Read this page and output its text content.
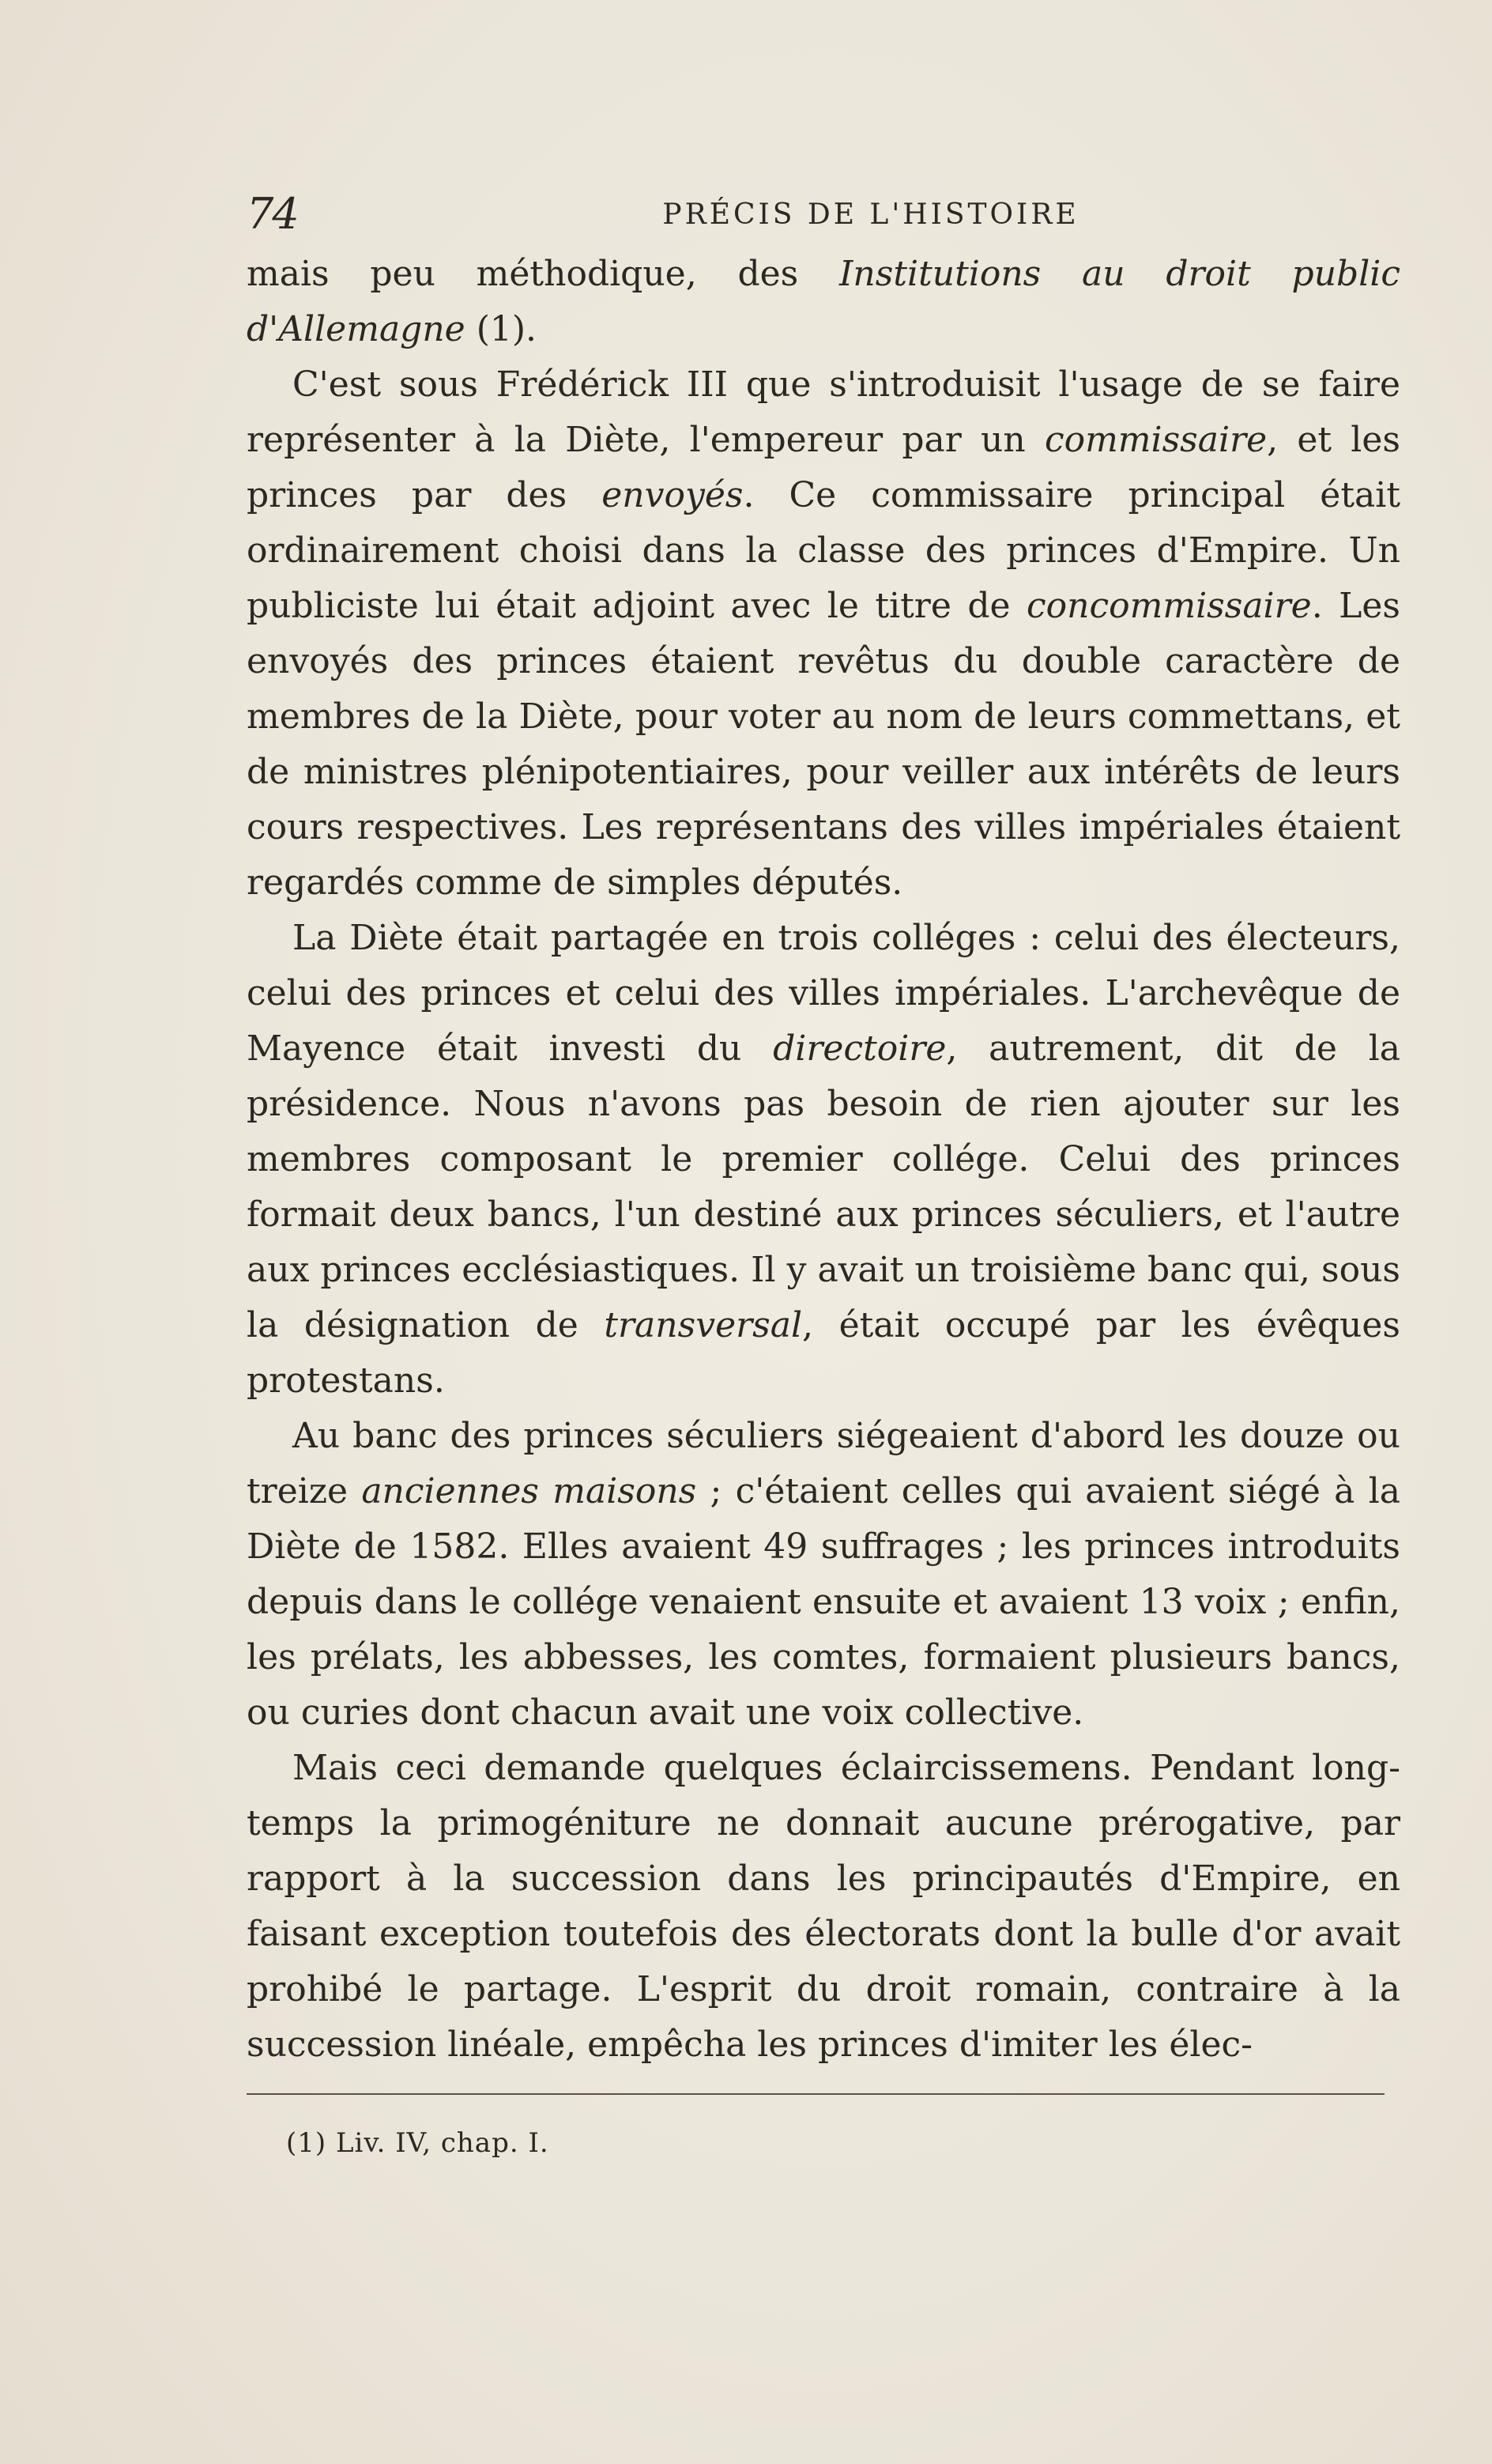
74	PRÉCIS DE L'HISTOIRE

mais peu méthodique, des Institutions au droit public d'Allemagne (1).

C'est sous Frédérick III que s'introduisit l'usage de se faire représenter à la Diète, l'empereur par un commissaire, et les princes par des envoyés. Ce commissaire principal était ordinairement choisi dans la classe des princes d'Empire. Un publiciste lui était adjoint avec le titre de concommissaire. Les envoyés des princes étaient revêtus du double caractère de membres de la Diète, pour voter au nom de leurs commettans, et de ministres plénipotentiaires, pour veiller aux intérêts de leurs cours respectives. Les représentans des villes impériales étaient regardés comme de simples députés.

La Diète était partagée en trois colléges : celui des électeurs, celui des princes et celui des villes impériales. L'archevêque de Mayence était investi du directoire, autrement, dit de la présidence. Nous n'avons pas besoin de rien ajouter sur les membres composant le premier collége. Celui des princes formait deux bancs, l'un destiné aux princes séculiers, et l'autre aux princes ecclésiastiques. Il y avait un troisième banc qui, sous la désignation de transversal, était occupé par les évêques protestans.

Au banc des princes séculiers siégeaient d'abord les douze ou treize anciennes maisons ; c'étaient celles qui avaient siégé à la Diète de 1582. Elles avaient 49 suffrages ; les princes introduits depuis dans le collége venaient ensuite et avaient 13 voix ; enfin, les prélats, les abbesses, les comtes, formaient plusieurs bancs, ou curies dont chacun avait une voix collective.

Mais ceci demande quelques éclaircissemens. Pendant long-temps la primogéniture ne donnait aucune prérogative, par rapport à la succession dans les principautés d'Empire, en faisant exception toutefois des électorats dont la bulle d'or avait prohibé le partage. L'esprit du droit romain, contraire à la succession linéale, empêcha les princes d'imiter les élec-

(1) Liv. IV, chap. I.
